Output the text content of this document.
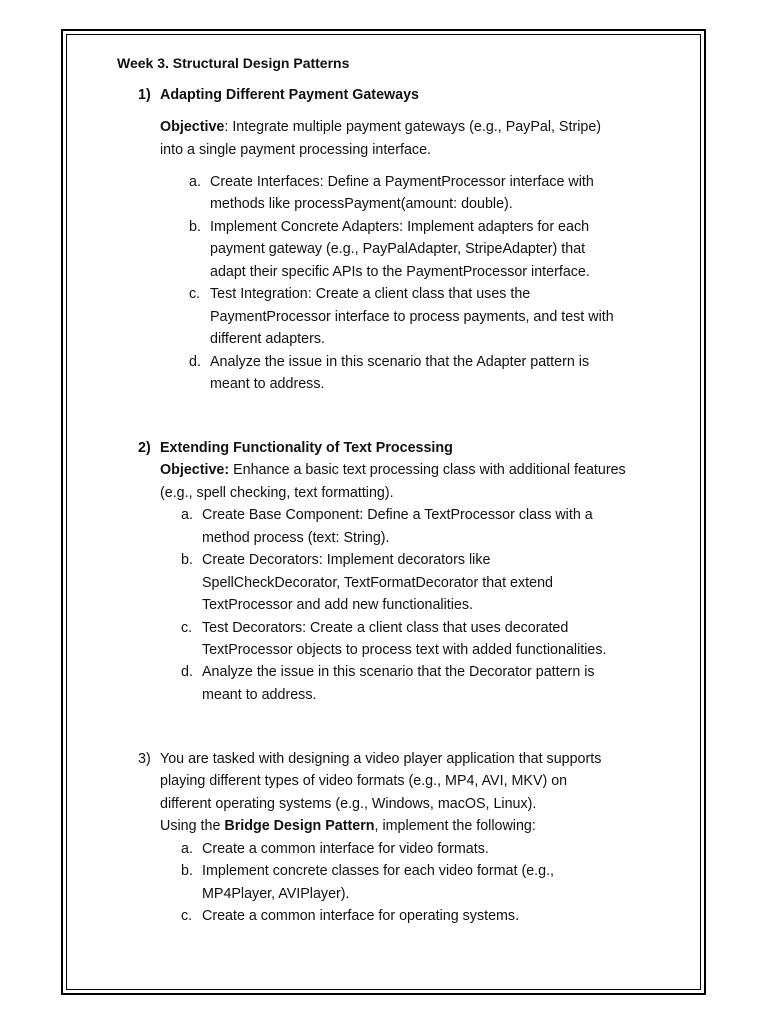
Week 3. Structural Design Patterns
1) Adapting Different Payment Gateways
Objective: Integrate multiple payment gateways (e.g., PayPal, Stripe)
into a single payment processing interface.
a. Create Interfaces: Define a PaymentProcessor interface with
methods like processPayment(amount: double).
b. Implement Concrete Adapters: Implement adapters for each
payment gateway (e.g., PayPalAdapter, StripeAdapter) that
adapt their specific APIs to the PaymentProcessor interface.
c. Test Integration: Create a client class that uses the
PaymentProcessor interface to process payments, and test with
different adapters.
d. Analyze the issue in this scenario that the Adapter pattern is
meant to address.
2) Extending Functionality of Text Processing
Objective: Enhance a basic text processing class with additional features
(e.g., spell checking, text formatting).
a. Create Base Component: Define a TextProcessor class with a
method process (text: String).
b. Create Decorators: Implement decorators like
SpellCheckDecorator, TextFormatDecorator that extend
TextProcessor and add new functionalities.
c. Test Decorators: Create a client class that uses decorated
TextProcessor objects to process text with added functionalities.
d. Analyze the issue in this scenario that the Decorator pattern is
meant to address.
3) You are tasked with designing a video player application that supports
playing different types of video formats (e.g., MP4, AVI, MKV) on
different operating systems (e.g., Windows, macOS, Linux).
Using the Bridge Design Pattern, implement the following:
a. Create a common interface for video formats.
b. Implement concrete classes for each video format (e.g.,
MP4Player, AVIPlayer).
c. Create a common interface for operating systems.
